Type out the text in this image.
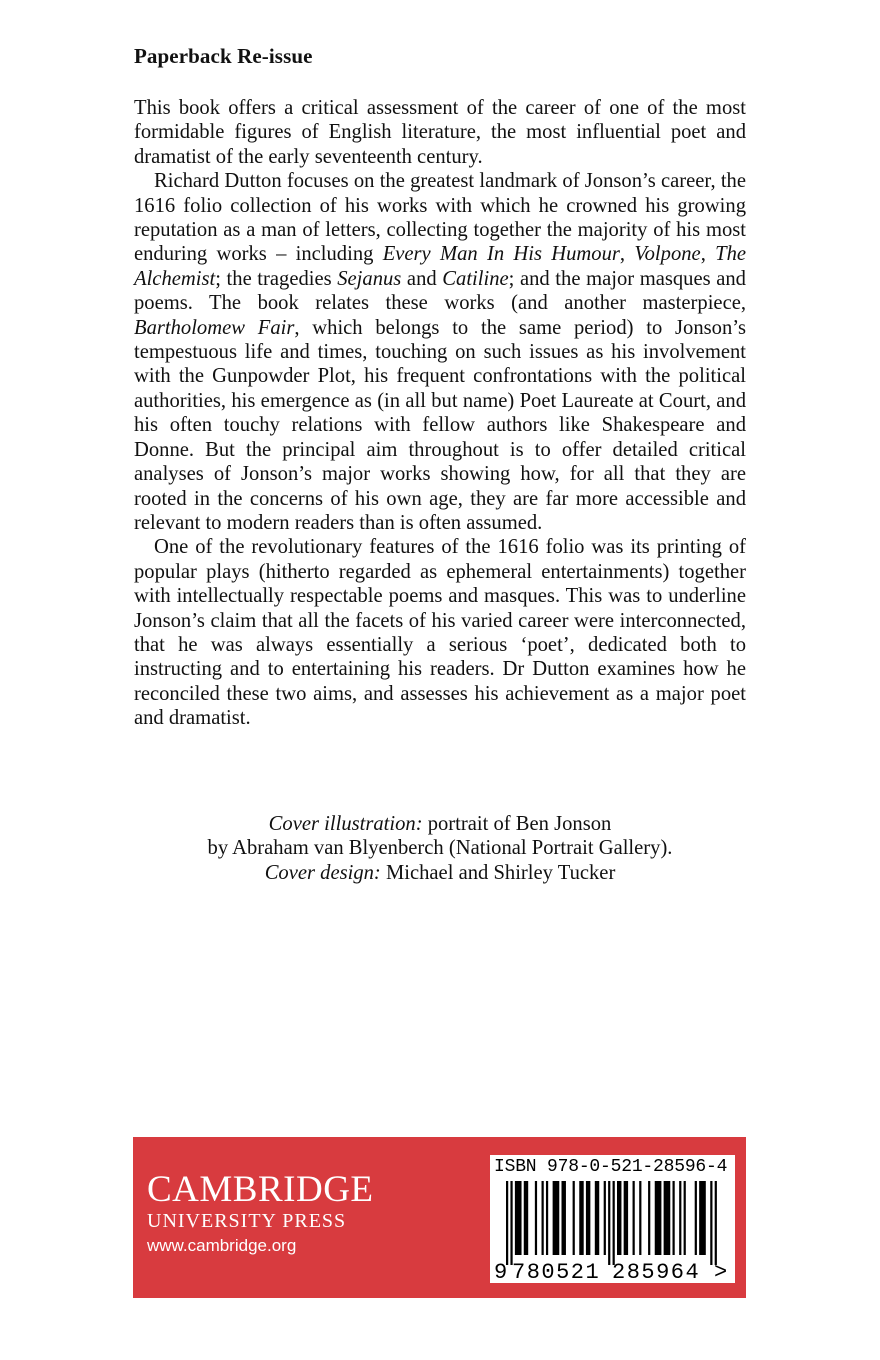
Paperback Re-issue

This book offers a critical assessment of the career of one of the most formidable figures of English literature, the most influential poet and dramatist of the early seventeenth century.

Richard Dutton focuses on the greatest landmark of Jonson’s career, the 1616 folio collection of his works with which he crowned his growing reputation as a man of letters, collecting together the majority of his most enduring works – including Every Man In His Humour, Volpone, The Alchemist; the tragedies Sejanus and Catiline; and the major masques and poems. The book relates these works (and another masterpiece, Bartholomew Fair, which belongs to the same period) to Jonson’s tempestuous life and times, touching on such issues as his involvement with the Gunpowder Plot, his frequent confrontations with the political authorities, his emergence as (in all but name) Poet Laureate at Court, and his often touchy relations with fellow authors like Shakespeare and Donne. But the principal aim throughout is to offer detailed critical analyses of Jonson’s major works showing how, for all that they are rooted in the concerns of his own age, they are far more accessible and relevant to modern readers than is often assumed.

One of the revolutionary features of the 1616 folio was its printing of popular plays (hitherto regarded as ephemeral entertainments) together with intellectually respectable poems and masques. This was to underline Jonson’s claim that all the facets of his varied career were interconnected, that he was always essentially a serious ‘poet’, dedicated both to instructing and to entertaining his readers. Dr Dutton examines how he reconciled these two aims, and assesses his achievement as a major poet and dramatist.

Cover illustration: portrait of Ben Jonson
by Abraham van Blyenberch (National Portrait Gallery).
Cover design: Michael and Shirley Tucker
CAMBRIDGE
UNIVERSITY PRESS
www.cambridge.org
ISBN 978-0-521-28596-4
9 780521 285964 >
